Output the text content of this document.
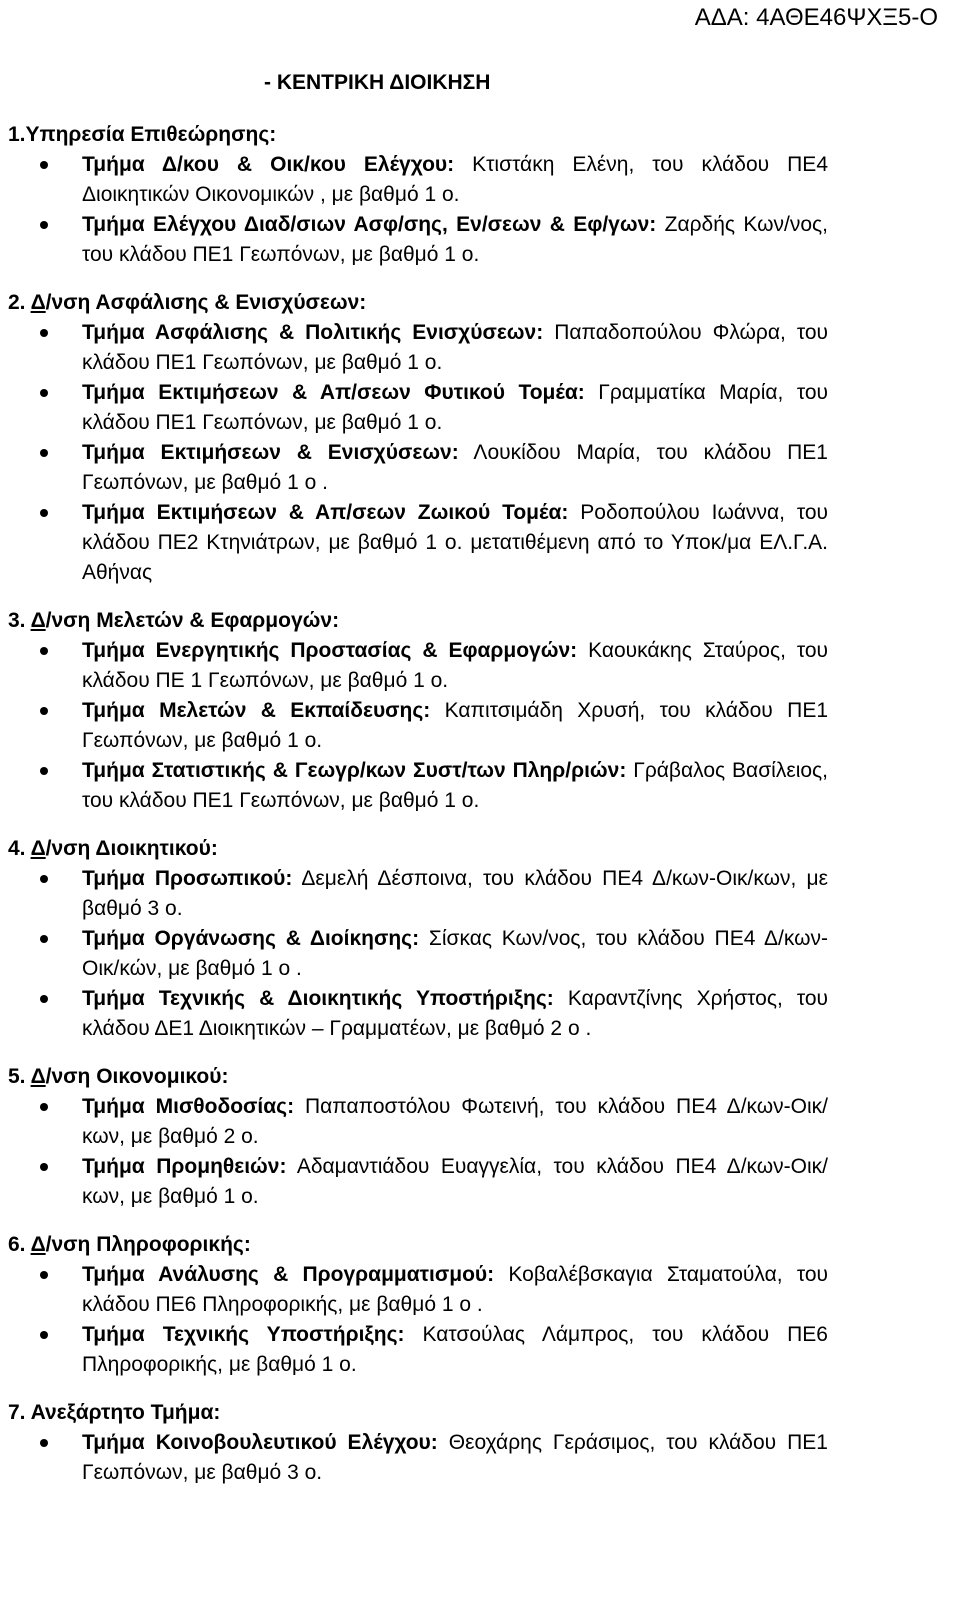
ΑΔΑ: 4ΑΘΕ46ΨΧΞ5-Ο
- ΚΕΝΤΡΙΚΗ ΔΙΟΙΚΗΣΗ
1.Υπηρεσία Επιθεώρησης:
Τμήμα Δ/κου & Οικ/κου Ελέγχου: Κτιστάκη Ελένη, του κλάδου ΠΕ4 Διοικητικών Οικονομικών , με βαθμό 1 ο.
Τμήμα Ελέγχου Διαδ/σιων Ασφ/σης, Εν/σεων & Εφ/γων: Ζαρδής Κων/νος, του κλάδου ΠΕ1 Γεωπόνων, με βαθμό 1 ο.
2. Δ/νση Ασφάλισης & Ενισχύσεων:
Τμήμα Ασφάλισης & Πολιτικής Ενισχύσεων: Παπαδοπούλου Φλώρα, του κλάδου ΠΕ1 Γεωπόνων, με βαθμό 1 ο.
Τμήμα Εκτιμήσεων & Απ/σεων Φυτικού Τομέα: Γραμματίκα Μαρία, του κλάδου ΠΕ1 Γεωπόνων, με βαθμό 1 ο.
Τμήμα Εκτιμήσεων & Ενισχύσεων: Λουκίδου Μαρία, του κλάδου ΠΕ1 Γεωπόνων, με βαθμό 1 ο .
Τμήμα Εκτιμήσεων & Απ/σεων Ζωικού Τομέα: Ροδοπούλου Ιωάννα, του κλάδου ΠΕ2 Κτηνιάτρων, με βαθμό 1 ο. μετατιθέμενη από το Υποκ/μα ΕΛ.Γ.Α. Αθήνας
3. Δ/νση Μελετών & Εφαρμογών:
Τμήμα Ενεργητικής Προστασίας & Εφαρμογών: Καουκάκης Σταύρος, του κλάδου ΠΕ 1 Γεωπόνων, με βαθμό 1 ο.
Τμήμα Μελετών & Εκπαίδευσης: Καπιτσιμάδη Χρυσή, του κλάδου ΠΕ1 Γεωπόνων, με βαθμό 1 ο.
Τμήμα Στατιστικής & Γεωγρ/κων Συστ/των Πληρ/ριών: Γράβαλος Βασίλειος, του κλάδου ΠΕ1 Γεωπόνων, με βαθμό 1 ο.
4. Δ/νση Διοικητικού:
Τμήμα Προσωπικού: Δεμελή Δέσποινα, του κλάδου ΠΕ4 Δ/κων-Οικ/κων, με βαθμό 3 ο.
Τμήμα Οργάνωσης & Διοίκησης: Σίσκας Κων/νος, του κλάδου ΠΕ4 Δ/κων-Οικ/κών, με βαθμό 1 ο .
Τμήμα Τεχνικής & Διοικητικής Υποστήριξης: Καραντζίνης Χρήστος, του κλάδου ΔΕ1 Διοικητικών – Γραμματέων, με βαθμό 2 ο .
5. Δ/νση Οικονομικού:
Τμήμα Μισθοδοσίας: Παπαποστόλου Φωτεινή, του κλάδου ΠΕ4 Δ/κων-Οικ/κων, με βαθμό 2 ο.
Τμήμα Προμηθειών: Αδαμαντιάδου Ευαγγελία, του κλάδου ΠΕ4 Δ/κων-Οικ/κων, με βαθμό 1 ο.
6. Δ/νση Πληροφορικής:
Τμήμα Ανάλυσης & Προγραμματισμού: Κοβαλέβσκαγια Σταματούλα, του κλάδου ΠΕ6 Πληροφορικής, με βαθμό 1 ο .
Τμήμα Τεχνικής Υποστήριξης: Κατσούλας Λάμπρος, του κλάδου ΠΕ6 Πληροφορικής, με βαθμό 1 ο.
7. Ανεξάρτητο Τμήμα:
Τμήμα Κοινοβουλευτικού Ελέγχου: Θεοχάρης Γεράσιμος, του κλάδου ΠΕ1 Γεωπόνων, με βαθμό 3 ο.
